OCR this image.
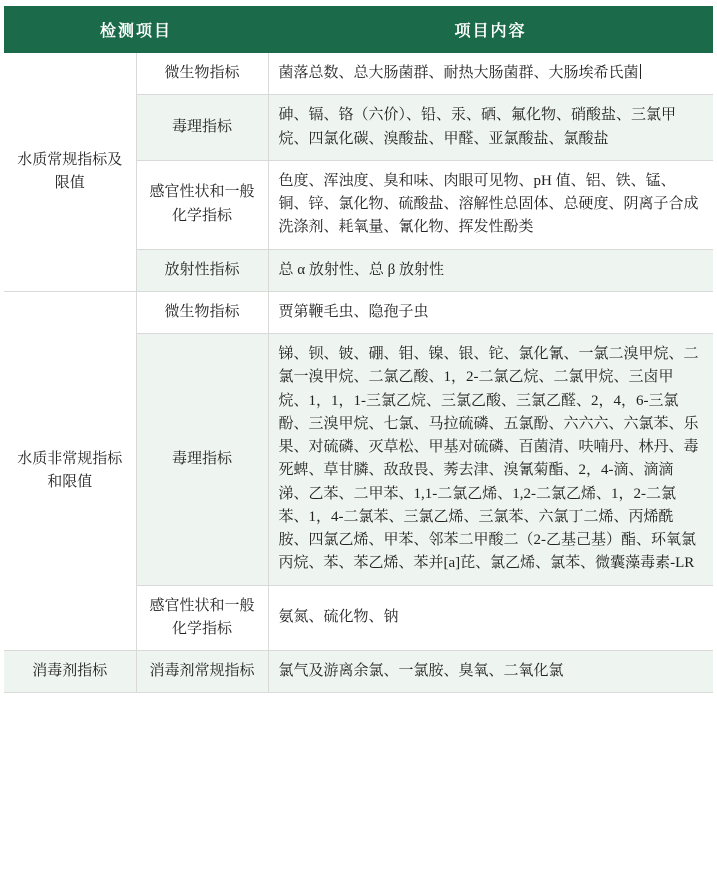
检测项目		项目内容
水质常规指标及限值	微生物指标	菌落总数、总大肠菌群、耐热大肠菌群、大肠埃希氏菌
	毒理指标	砷、镉、铬（六价）、铅、汞、硒、氟化物、硝酸盐、三氯甲烷、四氯化碳、溴酸盐、甲醛、亚氯酸盐、氯酸盐
	感官性状和一般化学指标	色度、浑浊度、臭和味、肉眼可见物、pH 值、铝、铁、锰、铜、锌、氯化物、硫酸盐、溶解性总固体、总硬度、阴离子合成洗涤剂、耗氧量、氰化物、挥发性酚类
	放射性指标	总 α 放射性、总 β 放射性
水质非常规指标和限值	微生物指标	贾第鞭毛虫、隐孢子虫
	毒理指标	锑、钡、铍、硼、钼、镍、银、铊、氯化氰、一氯二溴甲烷、二氯一溴甲烷、二氯乙酸、1，2-二氯乙烷、二氯甲烷、三卤甲烷、1，1，1-三氯乙烷、三氯乙酸、三氯乙醛、2，4，6-三氯酚、三溴甲烷、七氯、马拉硫磷、五氯酚、六六六、六氯苯、乐果、对硫磷、灭草松、甲基对硫磷、百菌清、呋喃丹、林丹、毒死蜱、草甘膦、敌敌畏、莠去津、溴氰菊酯、2，4-滴、滴滴涕、乙苯、二甲苯、1,1-二氯乙烯、1,2-二氯乙烯、1，2-二氯苯、1，4-二氯苯、三氯乙烯、三氯苯、六氯丁二烯、丙烯酰胺、四氯乙烯、甲苯、邻苯二甲酸二（2-乙基己基）酯、环氧氯丙烷、苯、苯乙烯、苯并[a]芘、氯乙烯、氯苯、微囊藻毒素-LR
	感官性状和一般化学指标	氨氮、硫化物、钠
消毒剂指标	消毒剂常规指标	氯气及游离余氯、一氯胺、臭氧、二氧化氯
